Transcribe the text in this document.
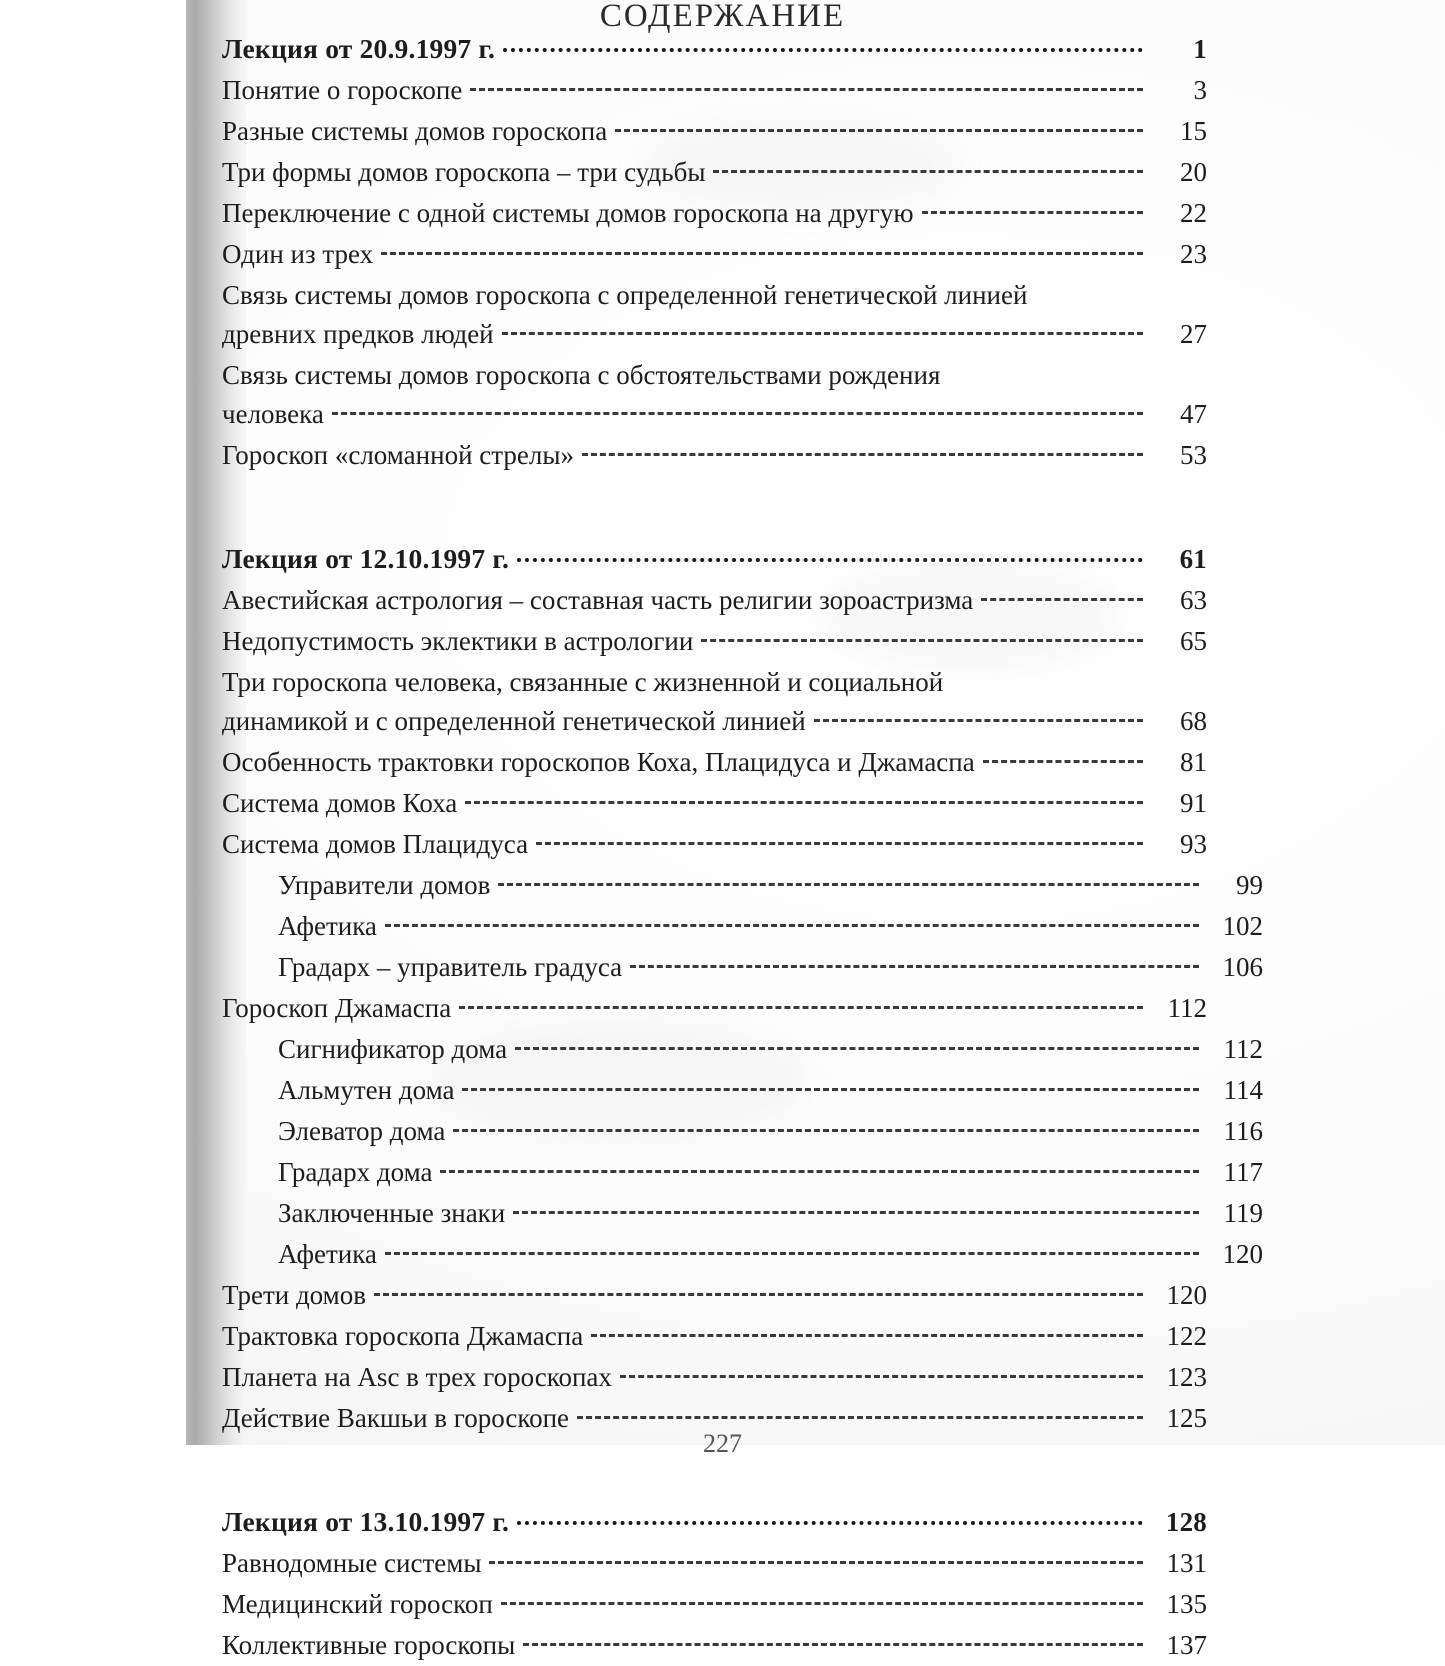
СОДЕРЖАНИЕ
Лекция от 20.9.1997 г.	1
Понятие о гороскопе	3
Разные системы домов гороскопа	15
Три формы домов гороскопа – три судьбы	20
Переключение с одной системы домов гороскопа на другую	22
Один из трех	23
Связь системы домов гороскопа с определенной генетической линией
древних предков людей	27
Связь системы домов гороскопа с обстоятельствами рождения
человека	47
Гороскоп «сломанной стрелы»	53
Лекция от 12.10.1997 г.	61
Авестийская астрология – составная часть религии зороастризма	63
Недопустимость эклектики в астрологии	65
Три гороскопа человека, связанные с жизненной и социальной
динамикой и с определенной генетической линией	68
Особенность трактовки гороскопов Коха, Плацидуса и Джамаспа	81
Система домов Коха	91
Система домов Плацидуса	93
Управители домов	99
Афетика	102
Градарх – управитель градуса	106
Гороскоп Джамаспа	112
Сигнификатор дома	112
Альмутен дома	114
Элеватор дома	116
Градарх дома	117
Заключенные знаки	119
Афетика	120
Трети домов	120
Трактовка гороскопа Джамаспа	122
Планета на Asc в трех гороскопах	123
Действие Вакшьи в гороскопе	125
Лекция от 13.10.1997 г.	128
Равнодомные системы	131
Медицинский гороскоп	135
Коллективные гороскопы	137
227
